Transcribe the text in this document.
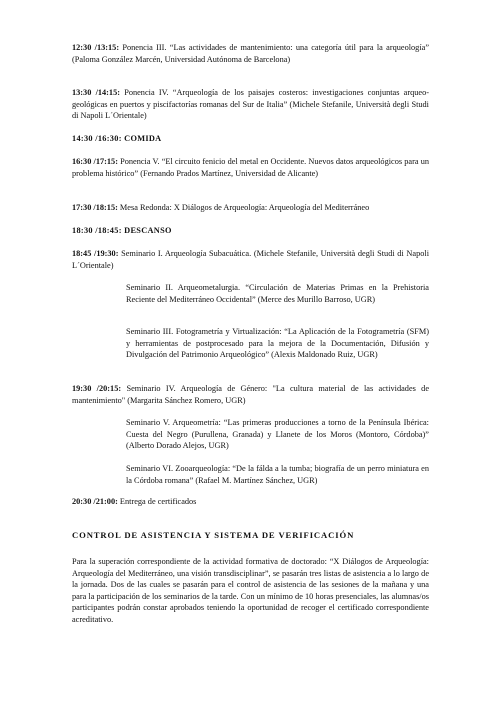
12:30 /13:15: Ponencia III. “Las actividades de mantenimiento: una categoría útil para la arqueología” (Paloma González Marcén, Universidad Autónoma de Barcelona)
13:30 /14:15: Ponencia IV. “Arqueología de los paisajes costeros: investigaciones conjuntas arqueo-geológicas en puertos y piscifactorías romanas del Sur de Italia” (Michele Stefanile, Università degli Studi di Napoli L´Orientale)
14:30 /16:30: COMIDA
16:30 /17:15: Ponencia V. “El circuito fenicio del metal en Occidente. Nuevos datos arqueológicos para un problema histórico” (Fernando Prados Martínez, Universidad de Alicante)
17:30 /18:15: Mesa Redonda: X Diálogos de Arqueología: Arqueología del Mediterráneo
18:30 /18:45: DESCANSO
18:45 /19:30: Seminario I. Arqueología Subacuática. (Michele Stefanile, Università degli Studi di Napoli L´Orientale)
Seminario II. Arqueometalurgia. “Circulación de Materias Primas en la Prehistoria Reciente del Mediterráneo Occidental” (Merce des Murillo Barroso, UGR)
Seminario III. Fotogrametría y Virtualización: “La Aplicación de la Fotogrametría (SFM) y herramientas de postprocesado para la mejora de la Documentación, Difusión y Divulgación del Patrimonio Arqueológico” (Alexis Maldonado Ruiz, UGR)
19:30 /20:15: Seminario IV. Arqueología de Género: "La cultura material de las actividades de mantenimiento" (Margarita Sánchez Romero, UGR)
Seminario V. Arqueometría: “Las primeras producciones a torno de la Península Ibérica: Cuesta del Negro (Purullena, Granada) y Llanete de los Moros (Montoro, Córdoba)” (Alberto Dorado Alejos, UGR)
Seminario VI. Zooarqueología: “De la fálda a la tumba; biografía de un perro miniatura en la Córdoba romana” (Rafael M. Martínez Sánchez, UGR)
20:30 /21:00: Entrega de certificados
CONTROL DE ASISTENCIA Y SISTEMA DE VERIFICACIÓN
Para la superación correspondiente de la actividad formativa de doctorado: “X Diálogos de Arqueología: Arqueología del Mediterráneo, una visión transdisciplinar”, se pasarán tres listas de asistencia a lo largo de la jornada. Dos de las cuales se pasarán para el control de asistencia de las sesiones de la mañana y una para la participación de los seminarios de la tarde. Con un mínimo de 10 horas presenciales, las alumnas/os participantes podrán constar aprobados teniendo la oportunidad de recoger el certificado correspondiente acreditativo.
